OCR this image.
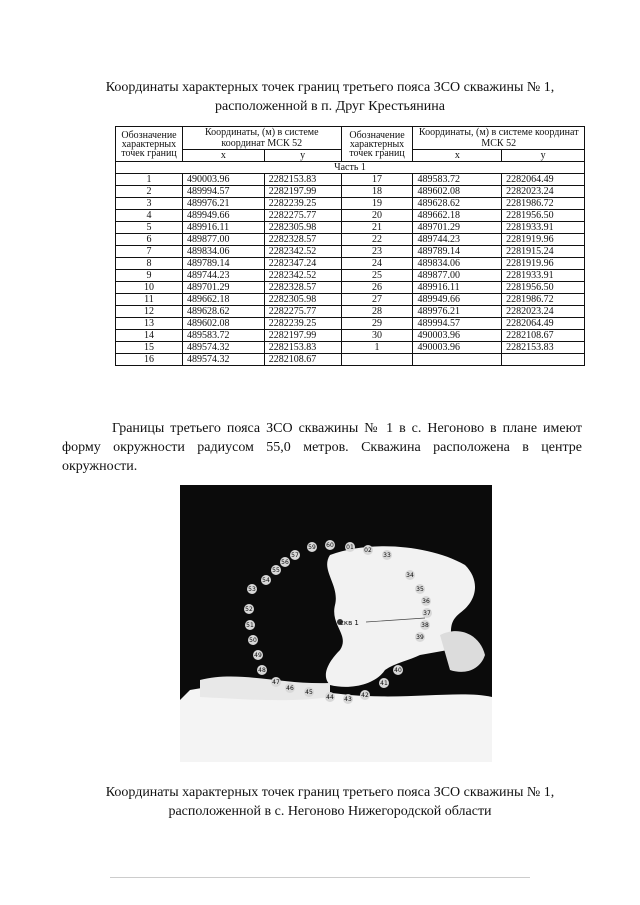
Координаты характерных точек границ третьего пояса ЗСО скважины № 1,
расположенной в п. Друг Крестьянина
Обозначение характерных точек границ	Координаты, (м) в системе координат МСК 52		Обозначение характерных точек границ	Координаты, (м) в системе координат МСК 52	
	x	y		x	y
Часть 1					
1	490003.96	2282153.83	17	489583.72	2282064.49
2	489994.57	2282197.99	18	489602.08	2282023.24
3	489976.21	2282239.25	19	489628.62	2281986.72
4	489949.66	2282275.77	20	489662.18	2281956.50
5	489916.11	2282305.98	21	489701.29	2281933.91
6	489877.00	2282328.57	22	489744.23	2281919.96
7	489834.06	2282342.52	23	489789.14	2281915.24
8	489789.14	2282347.24	24	489834.06	2281919.96
9	489744.23	2282342.52	25	489877.00	2281933.91
10	489701.29	2282328.57	26	489916.11	2281956.50
11	489662.18	2282305.98	27	489949.66	2281986.72
12	489628.62	2282275.77	28	489976.21	2282023.24
13	489602.08	2282239.25	29	489994.57	2282064.49
14	489583.72	2282197.99	30	490003.96	2282108.67
15	489574.32	2282153.83	1	490003.96	2282153.83
16	489574.32	2282108.67			
Границы третьего пояса ЗСО скважины № 1 в с. Негоново в плане имеют форму окружности радиусом 55,0 метров. Скважина расположена в центре окружности.
59 60 01 02
33
57
56
55
54
53
52
51
50
49
48
47
46
45
44 43
42
41
40
39
38
37
36
35
34
скв 1
Координаты характерных точек границ третьего пояса ЗСО скважины № 1,
расположенной в с. Негоново Нижегородской области
